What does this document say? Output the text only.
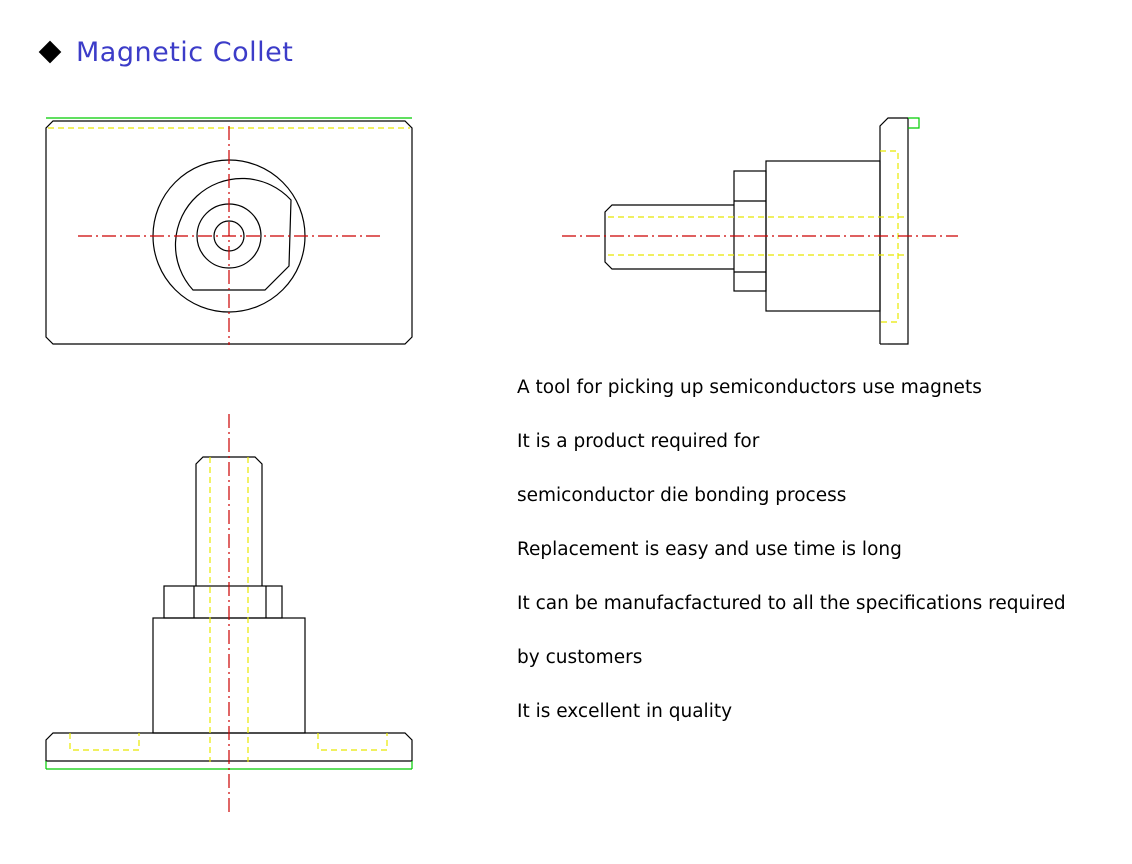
Magnetic Collet
A tool for picking up semiconductors use magnets
It is a product required for
semiconductor die bonding process
Replacement is easy and use time is long
It can be manufacfactured to all the specifications required
by customers
It is excellent in quality
